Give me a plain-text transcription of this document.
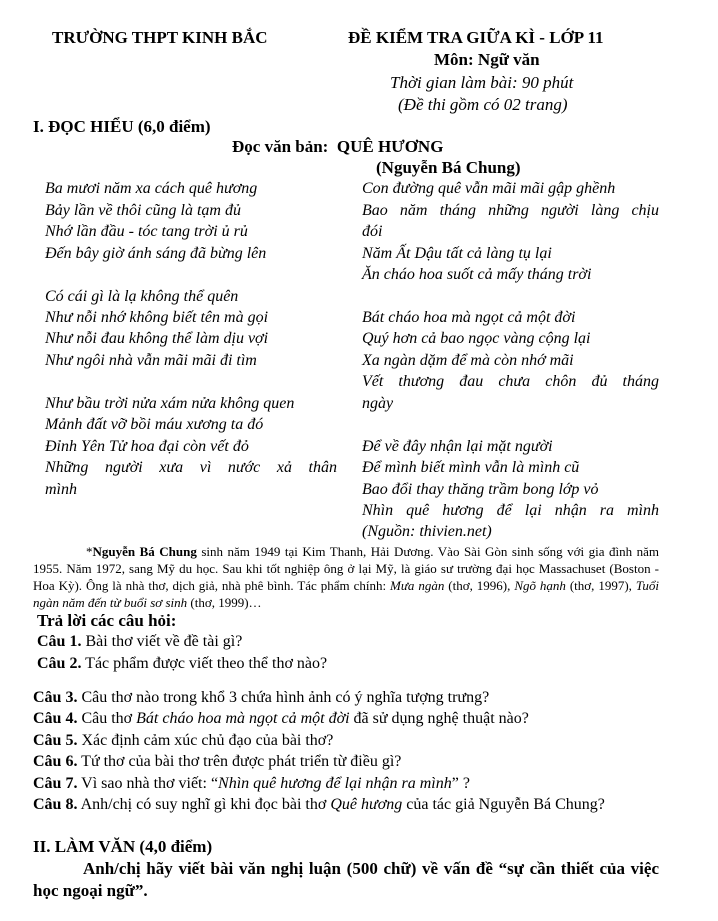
TRƯỜNG THPT KINH BẮC	ĐỀ KIỂM TRA GIỮA KÌ - LỚP 11
Môn: Ngữ văn
Thời gian làm bài: 90 phút
(Đề thi gồm có 02 trang)
I. ĐỌC HIỂU (6,0 điểm)
Đọc văn bản: QUÊ HƯƠNG
(Nguyễn Bá Chung)
Ba mươi năm xa cách quê hương
Bảy lần về thôi cũng là tạm đủ
Nhớ lần đầu - tóc tang trời ủ rủ
Đến bây giờ ánh sáng đã bừng lên
Có cái gì là lạ không thể quên
Như nỗi nhớ không biết tên mà gọi
Như nỗi đau không thể làm dịu vợi
Như ngôi nhà vẫn mãi mãi đi tìm
Như bầu trời nửa xám nửa không quen
Mảnh đất vỡ bồi máu xương ta đó
Đỉnh Yên Tử hoa đại còn vết đỏ
Những người xưa vì nước xả thân
mình
Con đường quê vẫn mãi mãi gập ghềnh
Bao năm tháng những người làng chịu
đói
Năm Ất Dậu tất cả làng tụ lại
Ăn cháo hoa suốt cả mấy tháng trời
Bát cháo hoa mà ngọt cả một đời
Quý hơn cả bao ngọc vàng cộng lại
Xa ngàn dặm để mà còn nhớ mãi
Vết thương đau chưa chôn đủ tháng
ngày
Để về đây nhận lại mặt người
Để mình biết mình vẫn là mình cũ
Bao đổi thay thăng trầm bong lớp vỏ
Nhìn quê hương để lại nhận ra mình
(Nguồn: thivien.net)
*Nguyễn Bá Chung sinh năm 1949 tại Kim Thanh, Hải Dương. Vào Sài Gòn sinh sống với gia đình năm 1955. Năm 1972, sang Mỹ du học. Sau khi tốt nghiệp ông ở lại Mỹ, là giáo sư trường đại học Massachuset (Boston - Hoa Kỳ). Ông là nhà thơ, dịch giả, nhà phê bình. Tác phẩm chính: Mưa ngàn (thơ, 1996), Ngõ hạnh (thơ, 1997), Tuổi ngàn năm đến từ buổi sơ sinh (thơ, 1999)…
Trả lời các câu hỏi:
Câu 1. Bài thơ viết về đề tài gì?
Câu 2. Tác phẩm được viết theo thể thơ nào?
Câu 3. Câu thơ nào trong khổ 3 chứa hình ảnh có ý nghĩa tượng trưng?
Câu 4. Câu thơ Bát cháo hoa mà ngọt cả một đời đã sử dụng nghệ thuật nào?
Câu 5. Xác định cảm xúc chủ đạo của bài thơ?
Câu 6. Tứ thơ của bài thơ trên được phát triển từ điều gì?
Câu 7. Vì sao nhà thơ viết: “Nhìn quê hương để lại nhận ra mình” ?
Câu 8. Anh/chị có suy nghĩ gì khi đọc bài thơ Quê hương của tác giả Nguyễn Bá Chung?
II. LÀM VĂN (4,0 điểm)
Anh/chị hãy viết bài văn nghị luận (500 chữ) về vấn đề “sự cần thiết của việc học ngoại ngữ”.
